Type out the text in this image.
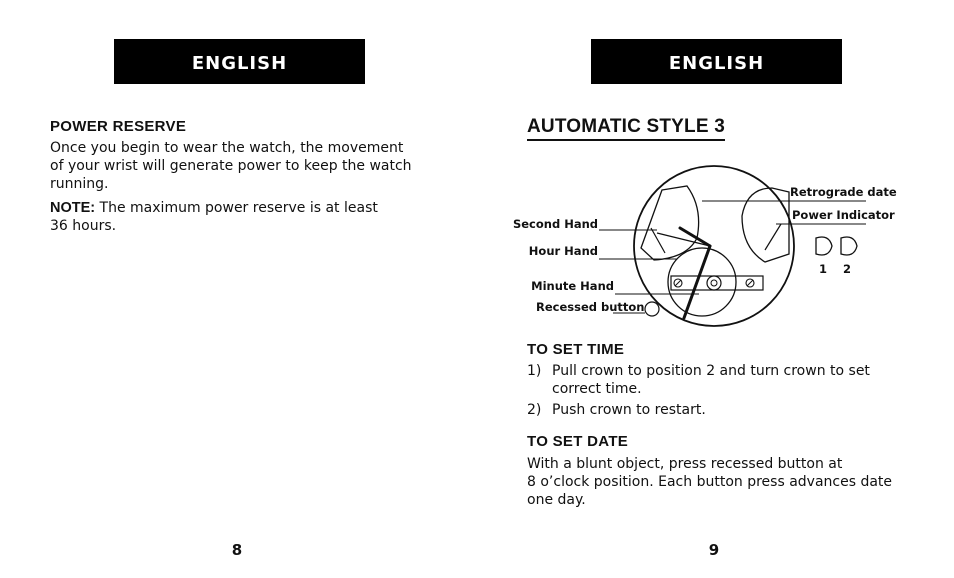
ENGLISH
POWER RESERVE

Once you begin to wear the watch, the movement
of your wrist will generate power to keep the watch
running.

NOTE: The maximum power reserve is at least
36 hours.

8
ENGLISH
AUTOMATIC STYLE 3
Second Hand
Hour Hand
Minute Hand
Recessed button
Retrograde date
Power Indicator
1 2
TO SET TIME
1) Pull crown to position 2 and turn crown to set
correct time.
2) Push crown to restart.
TO SET DATE

With a blunt object, press recessed button at
8 o’clock position. Each button press advances date
one day.

9
